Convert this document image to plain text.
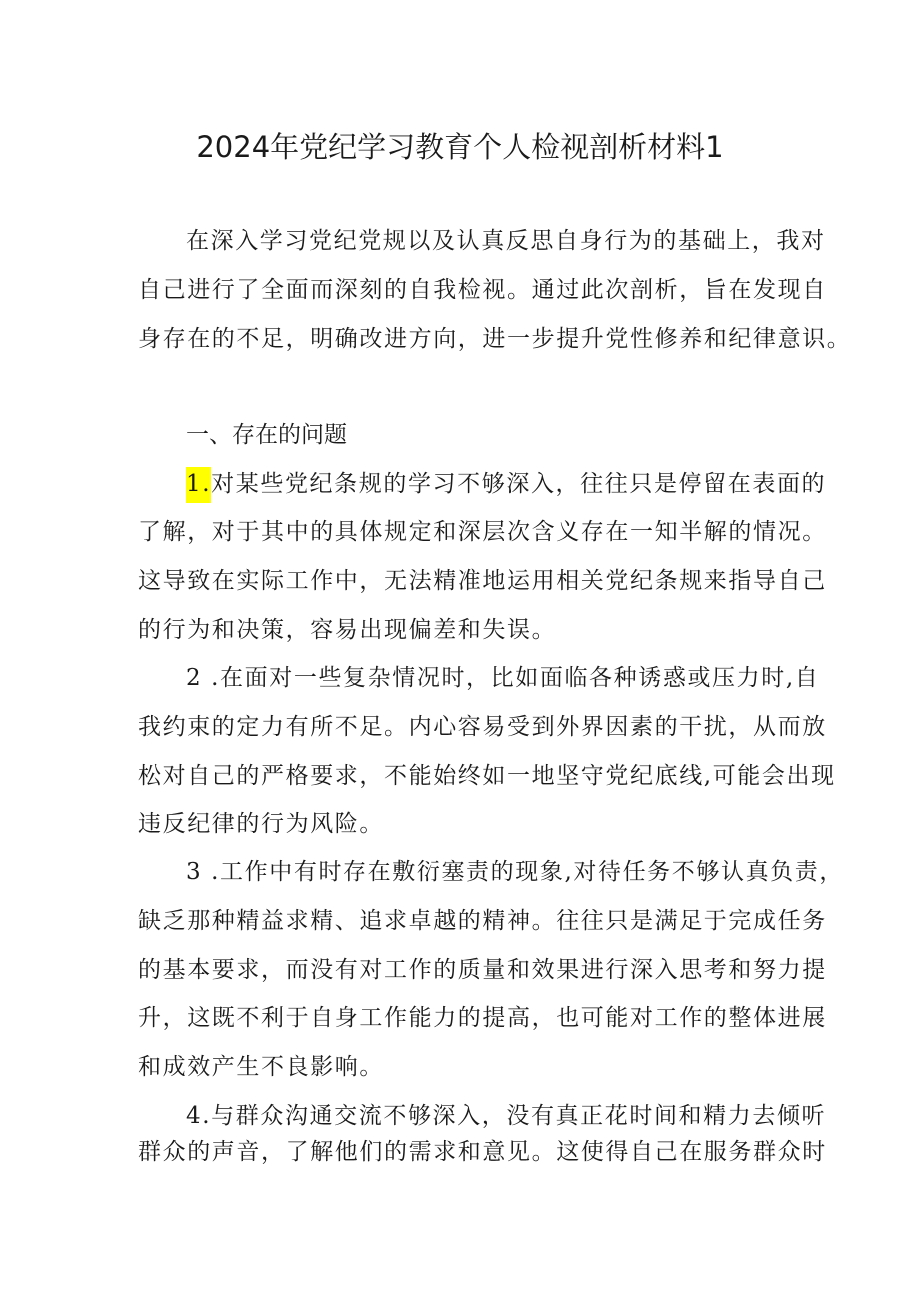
2024年党纪学习教育个人检视剖析材料1
在深入学习党纪党规以及认真反思自身行为的基础上，我对
自己进行了全面而深刻的自我检视。通过此次剖析，旨在发现自
身存在的不足，明确改进方向，进一步提升党性修养和纪律意识。
一、存在的问题
1.对某些党纪条规的学习不够深入，往往只是停留在表面的
了解，对于其中的具体规定和深层次含义存在一知半解的情况。
这导致在实际工作中，无法精准地运用相关党纪条规来指导自己
的行为和决策，容易出现偏差和失误。
2 .在面对一些复杂情况时，比如面临各种诱惑或压力时,自
我约束的定力有所不足。内心容易受到外界因素的干扰，从而放
松对自己的严格要求，不能始终如一地坚守党纪底线,可能会出现
违反纪律的行为风险。
3 .工作中有时存在敷衍塞责的现象,对待任务不够认真负责，
缺乏那种精益求精、追求卓越的精神。往往只是满足于完成任务
的基本要求，而没有对工作的质量和效果进行深入思考和努力提
升，这既不利于自身工作能力的提高，也可能对工作的整体进展
和成效产生不良影响。
4.与群众沟通交流不够深入，没有真正花时间和精力去倾听
群众的声音，了解他们的需求和意见。这使得自己在服务群众时
